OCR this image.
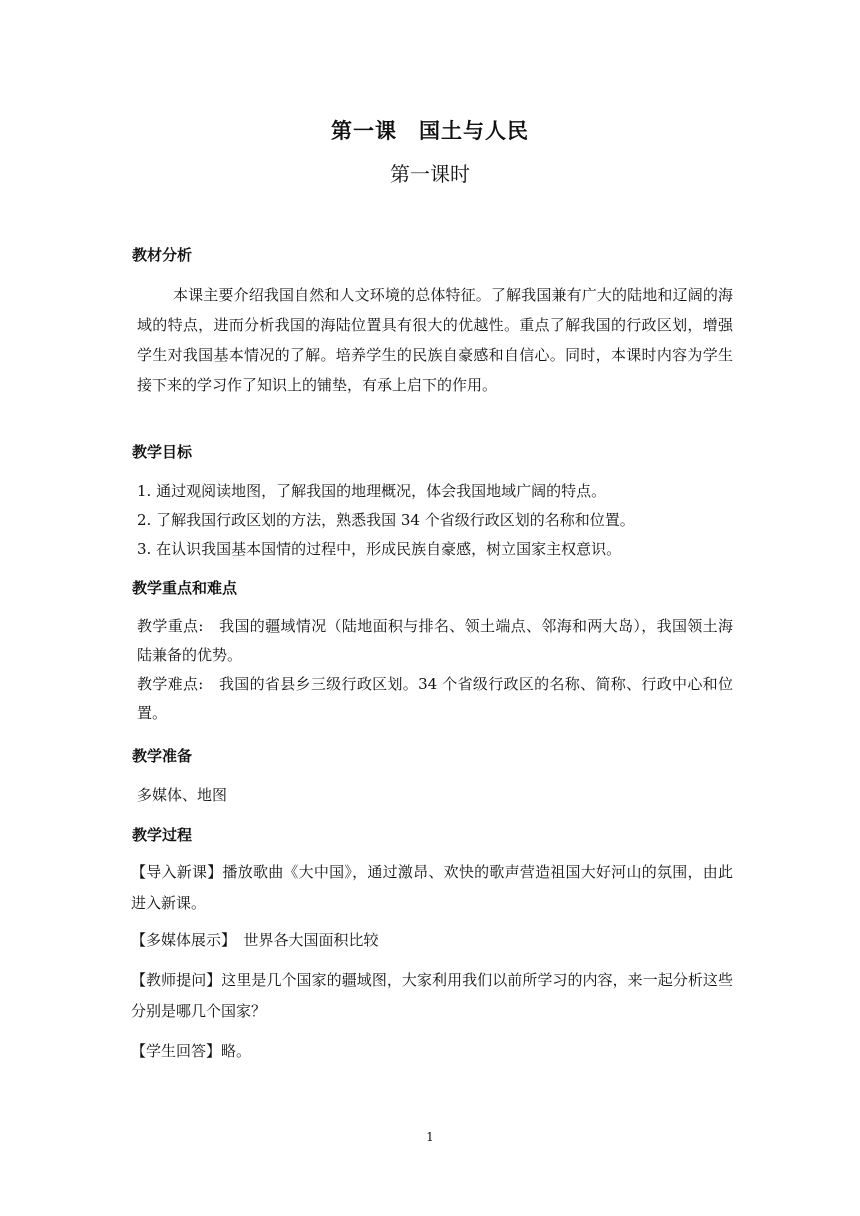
第一课　国土与人民
第一课时
教材分析
本课主要介绍我国自然和人文环境的总体特征。了解我国兼有广大的陆地和辽阔的海域的特点，进而分析我国的海陆位置具有很大的优越性。重点了解我国的行政区划，增强学生对我国基本情况的了解。培养学生的民族自豪感和自信心。同时，本课时内容为学生接下来的学习作了知识上的铺垫，有承上启下的作用。
教学目标
1. 通过观阅读地图，了解我国的地理概况，体会我国地域广阔的特点。
2. 了解我国行政区划的方法，熟悉我国 34 个省级行政区划的名称和位置。
3. 在认识我国基本国情的过程中，形成民族自豪感，树立国家主权意识。
教学重点和难点
教学重点:　我国的疆域情况（陆地面积与排名、领土端点、邻海和两大岛），我国领土海陆兼备的优势。
教学难点:　我国的省县乡三级行政区划。34 个省级行政区的名称、简称、行政中心和位置。
教学准备
多媒体、地图
教学过程
【导入新课】播放歌曲《大中国》，通过激昂、欢快的歌声营造祖国大好河山的氛围，由此进入新课。
【多媒体展示】　世界各大国面积比较
【教师提问】这里是几个国家的疆域图，大家利用我们以前所学习的内容，来一起分析这些分别是哪几个国家？
【学生回答】略。
1
